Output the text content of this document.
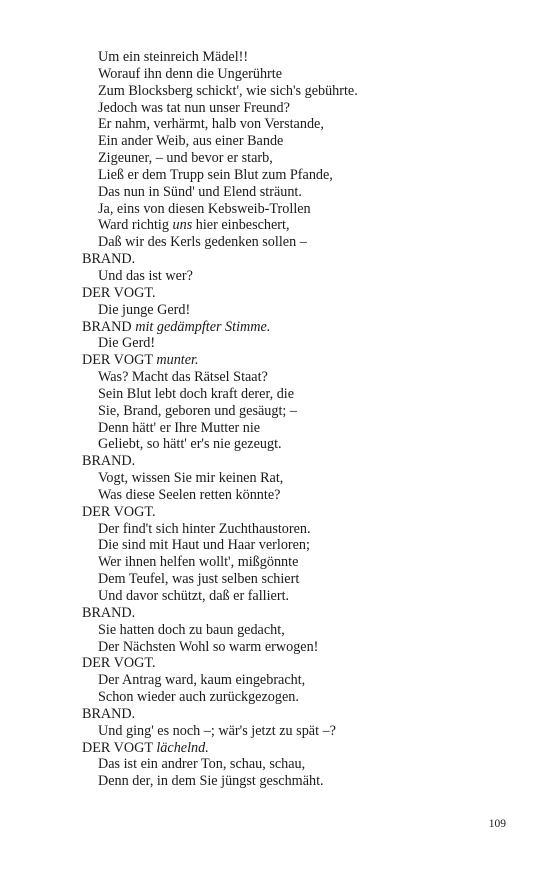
Um ein steinreich Mädel!!
Worauf ihn denn die Ungerührte
Zum Blocksberg schickt', wie sich's gebührte.
Jedoch was tat nun unser Freund?
Er nahm, verhärmt, halb von Verstande,
Ein ander Weib, aus einer Bande
Zigeuner, – und bevor er starb,
Ließ er dem Trupp sein Blut zum Pfande,
Das nun in Sünd' und Elend sträunt.
Ja, eins von diesen Kebsweib-Trollen
Ward richtig uns hier einbeschert,
Daß wir des Kerls gedenken sollen –
BRAND.
Und das ist wer?
DER VOGT.
Die junge Gerd!
BRAND mit gedämpfter Stimme.
Die Gerd!
DER VOGT munter.
Was? Macht das Rätsel Staat?
Sein Blut lebt doch kraft derer, die
Sie, Brand, geboren und gesäugt; –
Denn hätt' er Ihre Mutter nie
Geliebt, so hätt' er's nie gezeugt.
BRAND.
Vogt, wissen Sie mir keinen Rat,
Was diese Seelen retten könnte?
DER VOGT.
Der find't sich hinter Zuchthaustoren.
Die sind mit Haut und Haar verloren;
Wer ihnen helfen wollt', mißgönnte
Dem Teufel, was just selben schiert
Und davor schützt, daß er falliert.
BRAND.
Sie hatten doch zu baun gedacht,
Der Nächsten Wohl so warm erwogen!
DER VOGT.
Der Antrag ward, kaum eingebracht,
Schon wieder auch zurückgezogen.
BRAND.
Und ging' es noch –; wär's jetzt zu spät –?
DER VOGT lächelnd.
Das ist ein andrer Ton, schau, schau,
Denn der, in dem Sie jüngst geschmäht.
109
